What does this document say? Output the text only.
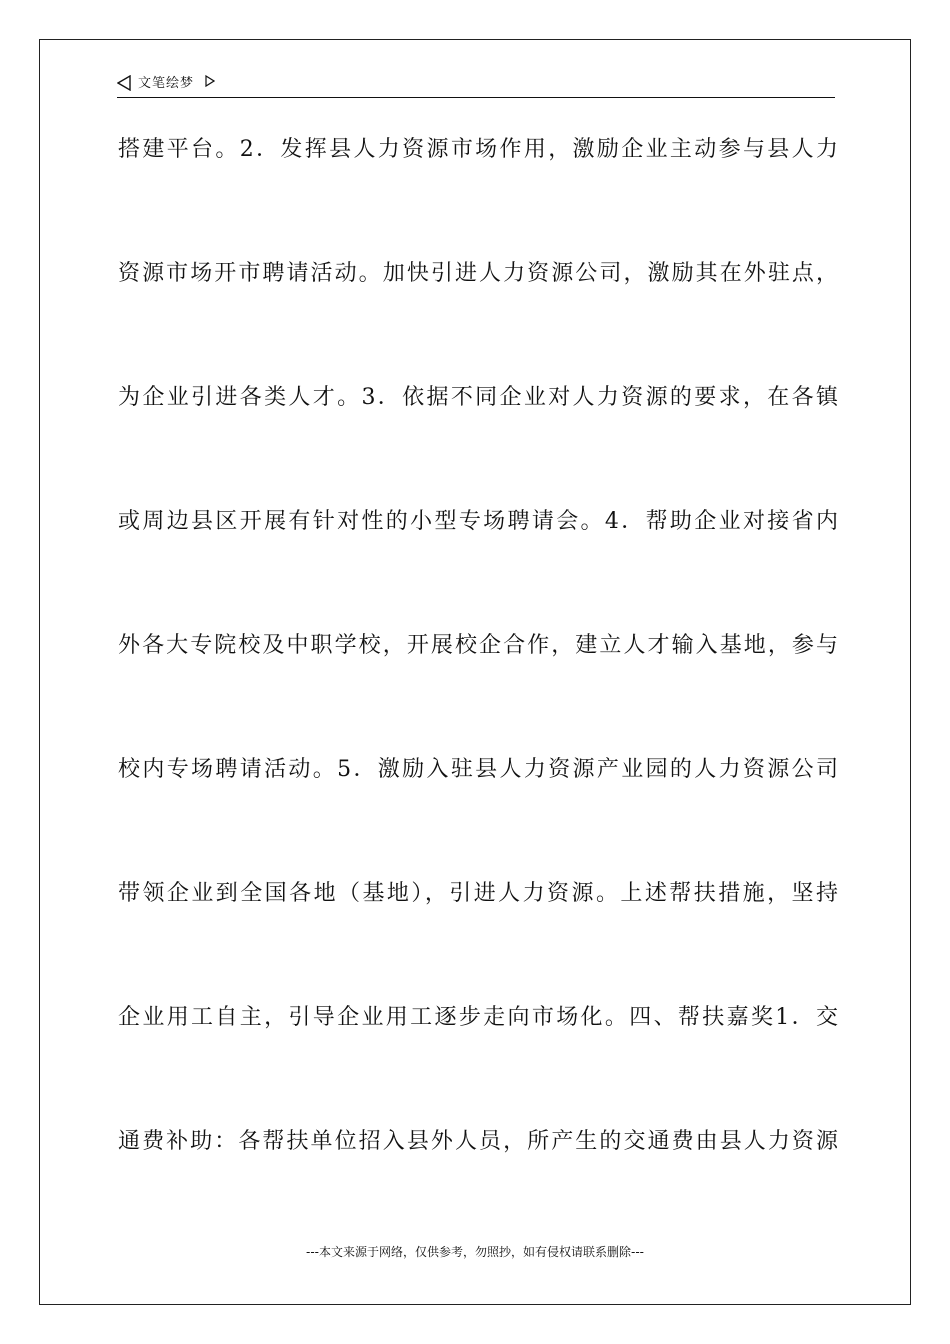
文笔绘梦
搭建平台。2．发挥县人力资源市场作用，激励企业主动参与县人力
资源市场开市聘请活动。加快引进人力资源公司，激励其在外驻点，
为企业引进各类人才。3．依据不同企业对人力资源的要求，在各镇
或周边县区开展有针对性的小型专场聘请会。4．帮助企业对接省内
外各大专院校及中职学校，开展校企合作，建立人才输入基地，参与
校内专场聘请活动。5．激励入驻县人力资源产业园的人力资源公司
带领企业到全国各地（基地），引进人力资源。上述帮扶措施，坚持
企业用工自主，引导企业用工逐步走向市场化。四、帮扶嘉奖1．交
通费补助：各帮扶单位招入县外人员，所产生的交通费由县人力资源
---本文来源于网络，仅供参考，勿照抄，如有侵权请联系删除---
